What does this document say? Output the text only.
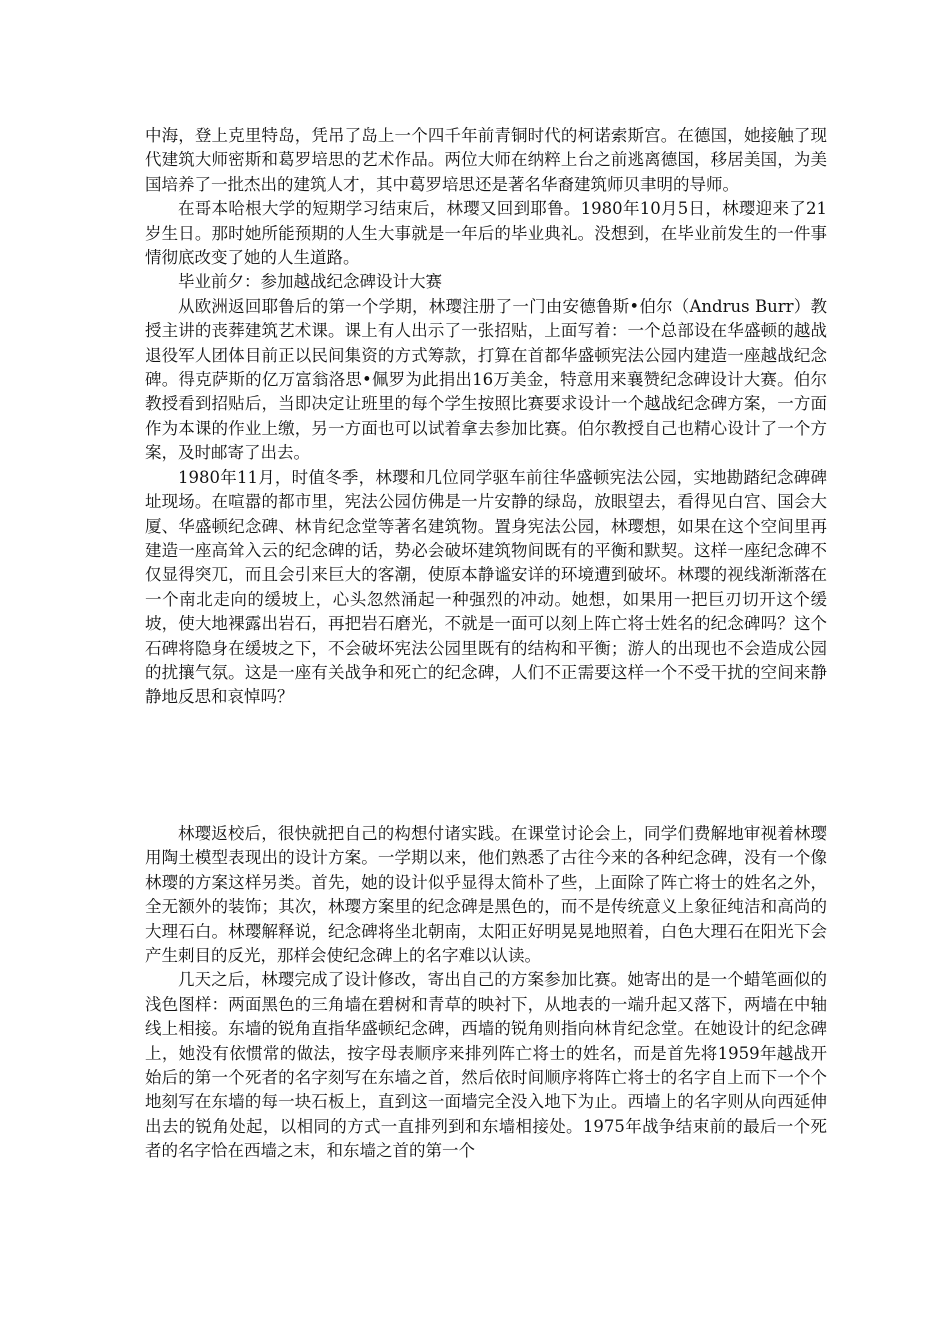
中海，登上克里特岛，凭吊了岛上一个四千年前青铜时代的柯诺索斯宫。在德国，她接触了现代建筑大师密斯和葛罗培思的艺术作品。两位大师在纳粹上台之前逃离德国，移居美国，为美国培养了一批杰出的建筑人才，其中葛罗培思还是著名华裔建筑师贝聿明的导师。

在哥本哈根大学的短期学习结束后，林璎又回到耶鲁。1980年10月5日，林璎迎来了21岁生日。那时她所能预期的人生大事就是一年后的毕业典礼。没想到，在毕业前发生的一件事情彻底改变了她的人生道路。

毕业前夕：参加越战纪念碑设计大赛

从欧洲返回耶鲁后的第一个学期，林璎注册了一门由安德鲁斯•伯尔（Andrus Burr）教授主讲的丧葬建筑艺术课。课上有人出示了一张招贴，上面写着：一个总部设在华盛顿的越战退役军人团体目前正以民间集资的方式筹款，打算在首都华盛顿宪法公园内建造一座越战纪念碑。得克萨斯的亿万富翁洛思•佩罗为此捐出16万美金，特意用来襄赞纪念碑设计大赛。伯尔教授看到招贴后，当即决定让班里的每个学生按照比赛要求设计一个越战纪念碑方案，一方面作为本课的作业上缴，另一方面也可以试着拿去参加比赛。伯尔教授自己也精心设计了一个方案，及时邮寄了出去。

1980年11月，时值冬季，林璎和几位同学驱车前往华盛顿宪法公园，实地勘踏纪念碑碑址现场。在喧嚣的都市里，宪法公园仿佛是一片安静的绿岛，放眼望去，看得见白宫、国会大厦、华盛顿纪念碑、林肯纪念堂等著名建筑物。置身宪法公园，林璎想，如果在这个空间里再建造一座高耸入云的纪念碑的话，势必会破坏建筑物间既有的平衡和默契。这样一座纪念碑不仅显得突兀，而且会引来巨大的客潮，使原本静谧安详的环境遭到破坏。林璎的视线渐渐落在一个南北走向的缓坡上，心头忽然涌起一种强烈的冲动。她想，如果用一把巨刃切开这个缓坡，使大地裸露出岩石，再把岩石磨光，不就是一面可以刻上阵亡将士姓名的纪念碑吗？这个石碑将隐身在缓坡之下，不会破坏宪法公园里既有的结构和平衡；游人的出现也不会造成公园的扰攘气氛。这是一座有关战争和死亡的纪念碑，人们不正需要这样一个不受干扰的空间来静静地反思和哀悼吗？

林璎返校后，很快就把自己的构想付诸实践。在课堂讨论会上，同学们费解地审视着林璎用陶土模型表现出的设计方案。一学期以来，他们熟悉了古往今来的各种纪念碑，没有一个像林璎的方案这样另类。首先，她的设计似乎显得太简朴了些，上面除了阵亡将士的姓名之外，全无额外的装饰；其次，林璎方案里的纪念碑是黑色的，而不是传统意义上象征纯洁和高尚的大理石白。林璎解释说，纪念碑将坐北朝南，太阳正好明晃晃地照着，白色大理石在阳光下会产生刺目的反光，那样会使纪念碑上的名字难以认读。

几天之后，林璎完成了设计修改，寄出自己的方案参加比赛。她寄出的是一个蜡笔画似的浅色图样：两面黑色的三角墙在碧树和青草的映衬下，从地表的一端升起又落下，两墙在中轴线上相接。东墙的锐角直指华盛顿纪念碑，西墙的锐角则指向林肯纪念堂。在她设计的纪念碑上，她没有依惯常的做法，按字母表顺序来排列阵亡将士的姓名，而是首先将1959年越战开始后的第一个死者的名字刻写在东墙之首，然后依时间顺序将阵亡将士的名字自上而下一个个地刻写在东墙的每一块石板上，直到这一面墙完全没入地下为止。西墙上的名字则从向西延伸出去的锐角处起，以相同的方式一直排列到和东墙相接处。1975年战争结束前的最后一个死者的名字恰在西墙之末，和东墙之首的第一个
